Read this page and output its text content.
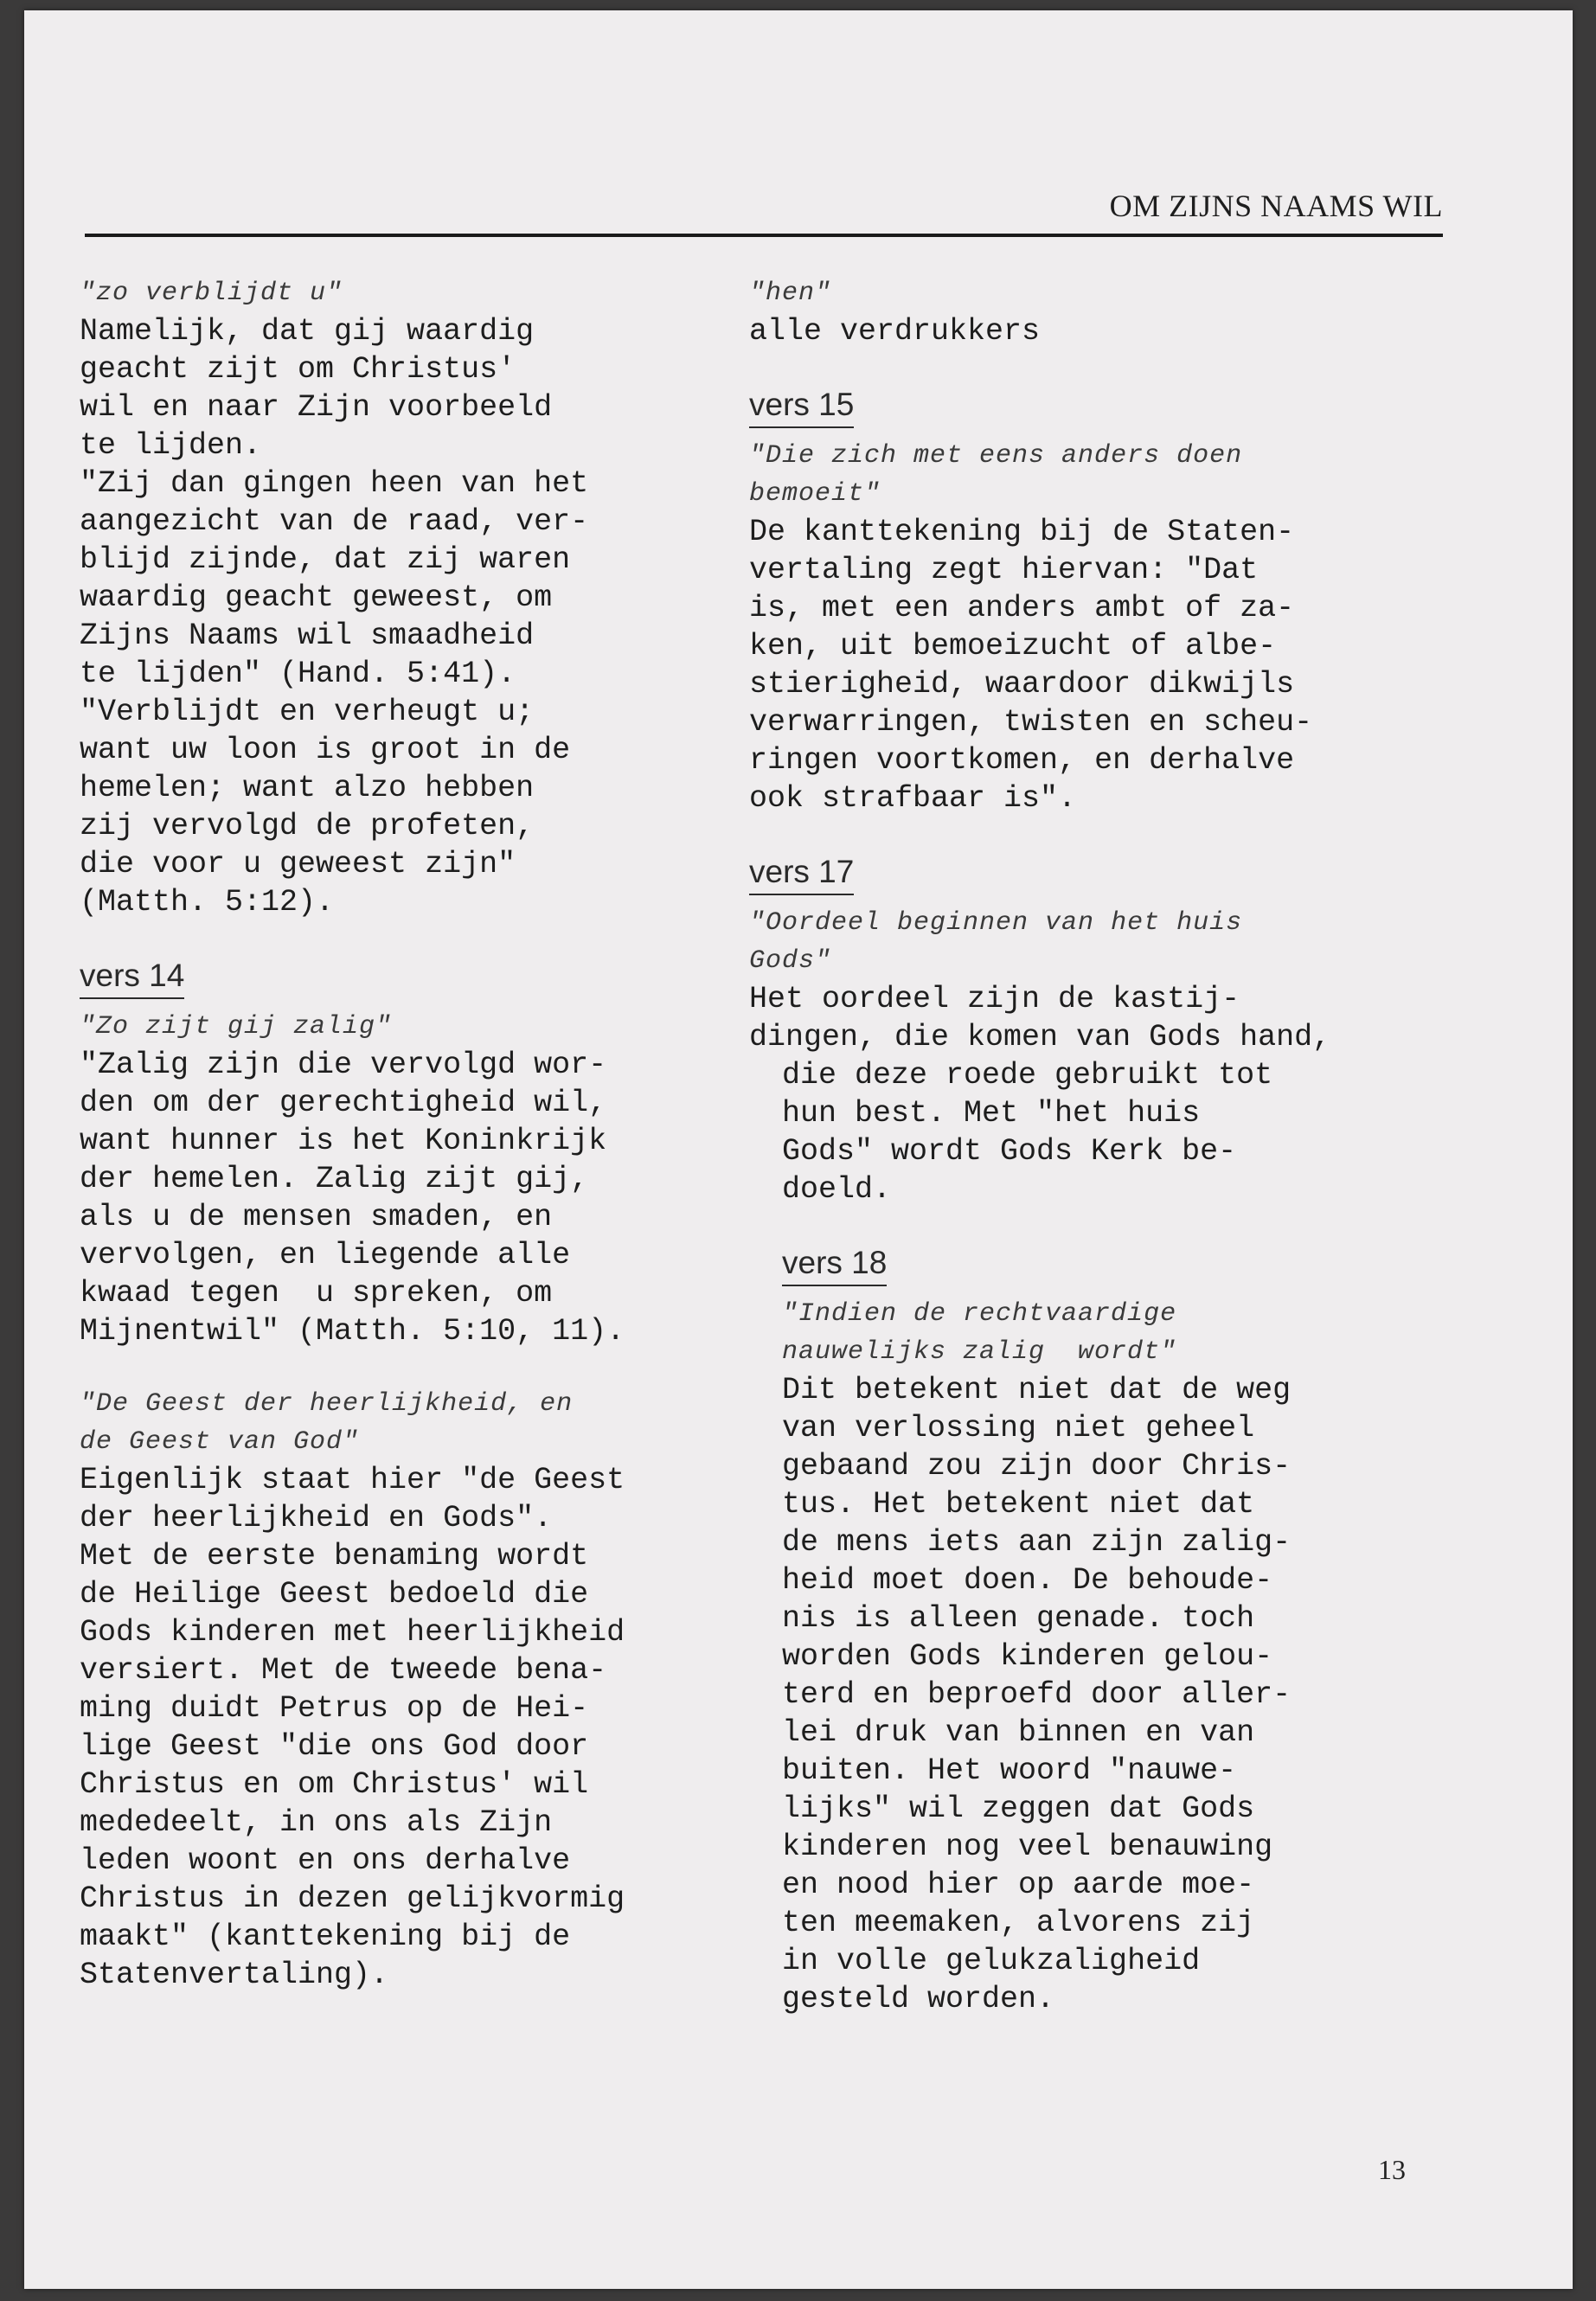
OM ZIJNS NAAMS WIL
"zo verblijdt u"
Namelijk, dat gij waardig
geacht zijt om Christus'
wil en naar Zijn voorbeeld
te lijden.
"Zij dan gingen heen van het
aangezicht van de raad, ver-
blijd zijnde, dat zij waren
waardig geacht geweest, om
Zijns Naams wil smaadheid
te lijden" (Hand. 5:41).
"Verblijdt en verheugt u;
want uw loon is groot in de
hemelen; want alzo hebben
zij vervolgd de profeten,
die voor u geweest zijn"
(Matth. 5:12).
vers 14
"Zo zijt gij zalig"
"Zalig zijn die vervolgd wor-
den om der gerechtigheid wil,
want hunner is het Koninkrijk
der hemelen. Zalig zijt gij,
als u de mensen smaden, en
vervolgen, en liegende alle
kwaad tegen  u spreken, om
Mijnentwil" (Matth. 5:10, 11).
"De Geest der heerlijkheid, en
de Geest van God"
Eigenlijk staat hier "de Geest
der heerlijkheid en Gods".
Met de eerste benaming wordt
de Heilige Geest bedoeld die
Gods kinderen met heerlijkheid
versiert. Met de tweede bena-
ming duidt Petrus op de Hei-
lige Geest "die ons God door
Christus en om Christus' wil
mededeelt, in ons als Zijn
leden woont en ons derhalve
Christus in dezen gelijkvormig
maakt" (kanttekening bij de
Statenvertaling).
"hen"
alle verdrukkers
vers 15
"Die zich met eens anders doen
bemoeit"
De kanttekening bij de Staten-
vertaling zegt hiervan: "Dat
is, met een anders ambt of za-
ken, uit bemoeizucht of albe-
stierigheid, waardoor dikwijls
verwarringen, twisten en scheu-
ringen voortkomen, en derhalve
ook strafbaar is".
vers 17
"Oordeel beginnen van het huis
Gods"
Het oordeel zijn de kastij-
dingen, die komen van Gods hand,
die deze roede gebruikt tot
hun best. Met "het huis
Gods" wordt Gods Kerk be-
doeld.
vers 18
"Indien de rechtvaardige
nauwelijks zalig  wordt"
Dit betekent niet dat de weg
van verlossing niet geheel
gebaand zou zijn door Chris-
tus. Het betekent niet dat
de mens iets aan zijn zalig-
heid moet doen. De behoude-
nis is alleen genade. toch
worden Gods kinderen gelou-
terd en beproefd door aller-
lei druk van binnen en van
buiten. Het woord "nauwe-
lijks" wil zeggen dat Gods
kinderen nog veel benauwing
en nood hier op aarde moe-
ten meemaken, alvorens zij
in volle gelukzaligheid
gesteld worden.
13
